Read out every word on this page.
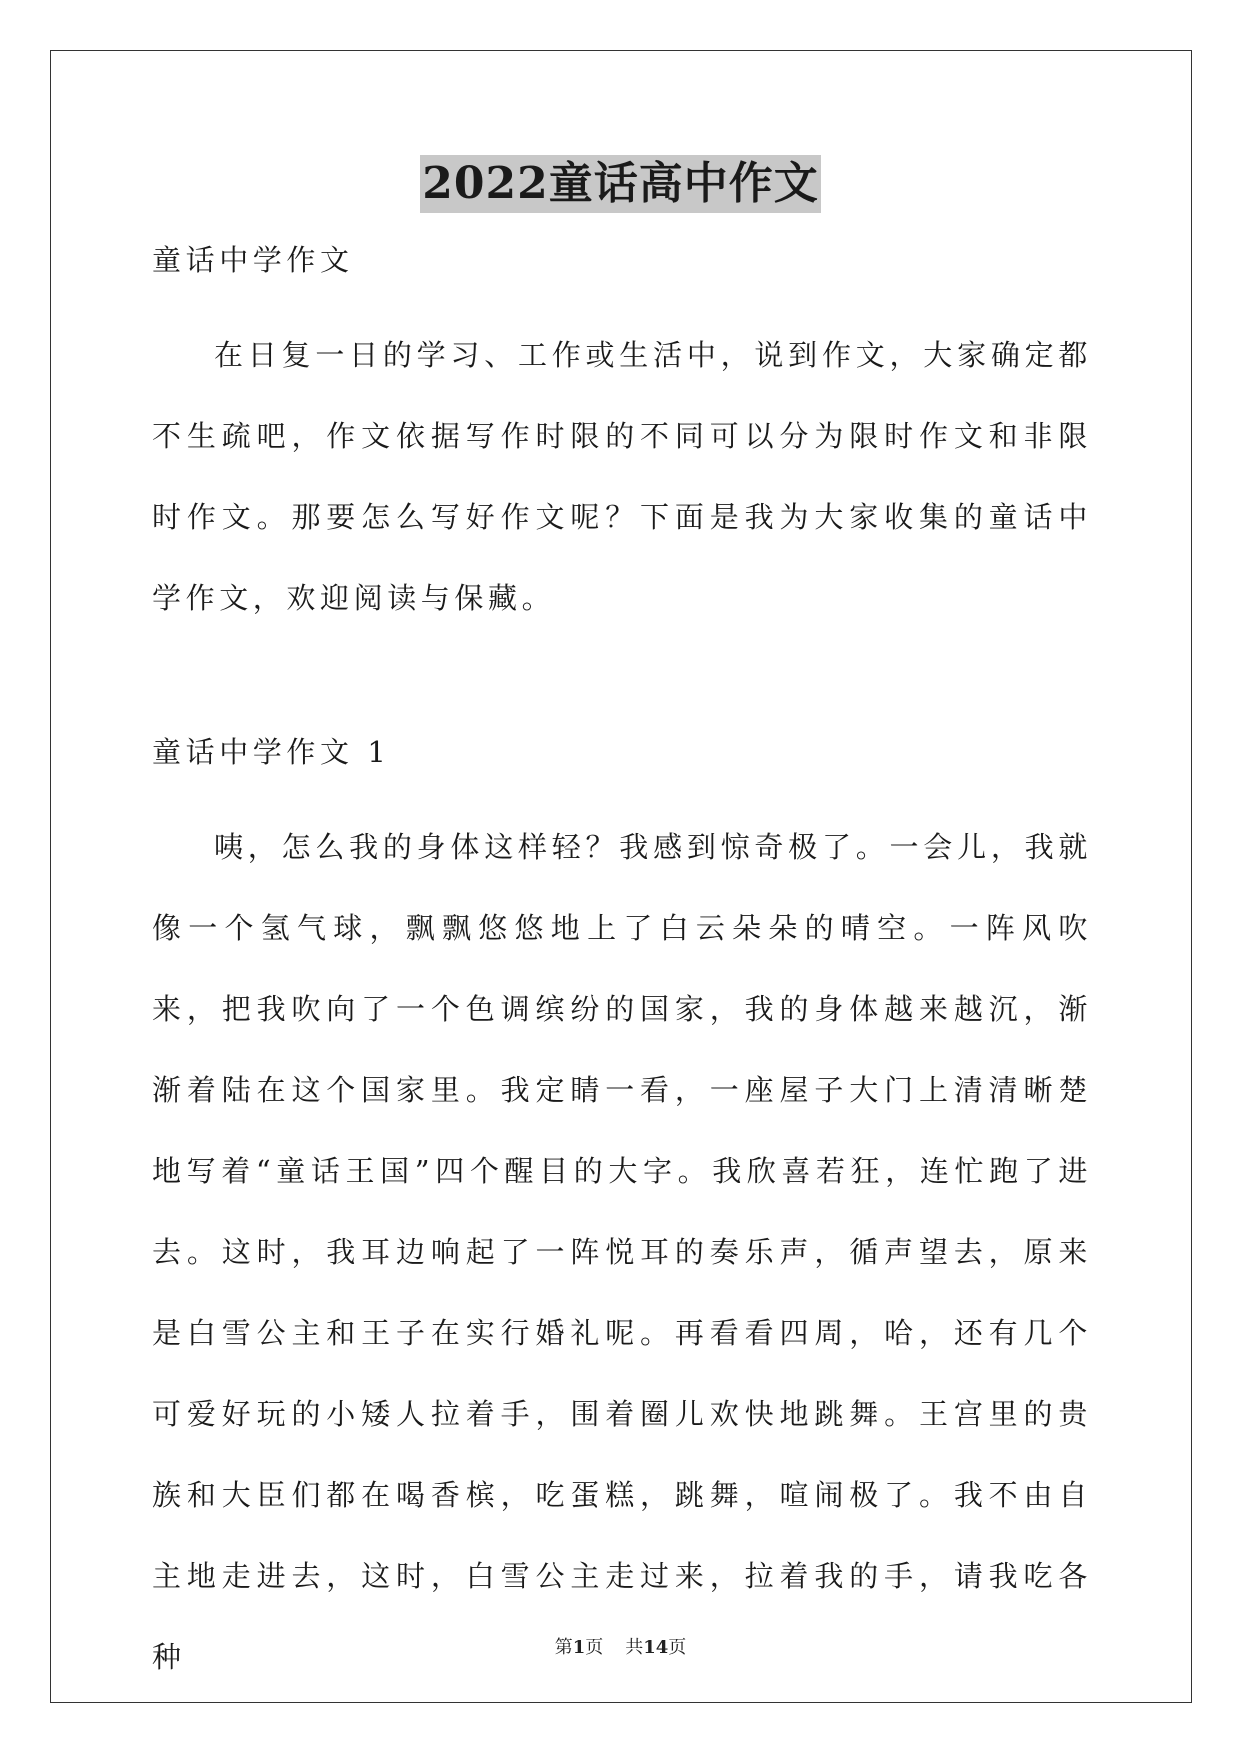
2022童话高中作文

童话中学作文

在日复一日的学习、工作或生活中，说到作文，大家确定都不生疏吧，作文依据写作时限的不同可以分为限时作文和非限时作文。那要怎么写好作文呢？下面是我为大家收集的童话中学作文，欢迎阅读与保藏。

童话中学作文 1

咦，怎么我的身体这样轻？我感到惊奇极了。一会儿，我就像一个氢气球，飘飘悠悠地上了白云朵朵的晴空。一阵风吹来，把我吹向了一个色调缤纷的国家，我的身体越来越沉，渐渐着陆在这个国家里。我定睛一看，一座屋子大门上清清晰楚地写着“童话王国”四个醒目的大字。我欣喜若狂，连忙跑了进去。这时，我耳边响起了一阵悦耳的奏乐声，循声望去，原来是白雪公主和王子在实行婚礼呢。再看看四周，哈，还有几个可爱好玩的小矮人拉着手，围着圈儿欢快地跳舞。王宫里的贵族和大臣们都在喝香槟，吃蛋糕，跳舞，喧闹极了。我不由自主地走进去，这时，白雪公主走过来，拉着我的手，请我吃各种	第1页 共14页
